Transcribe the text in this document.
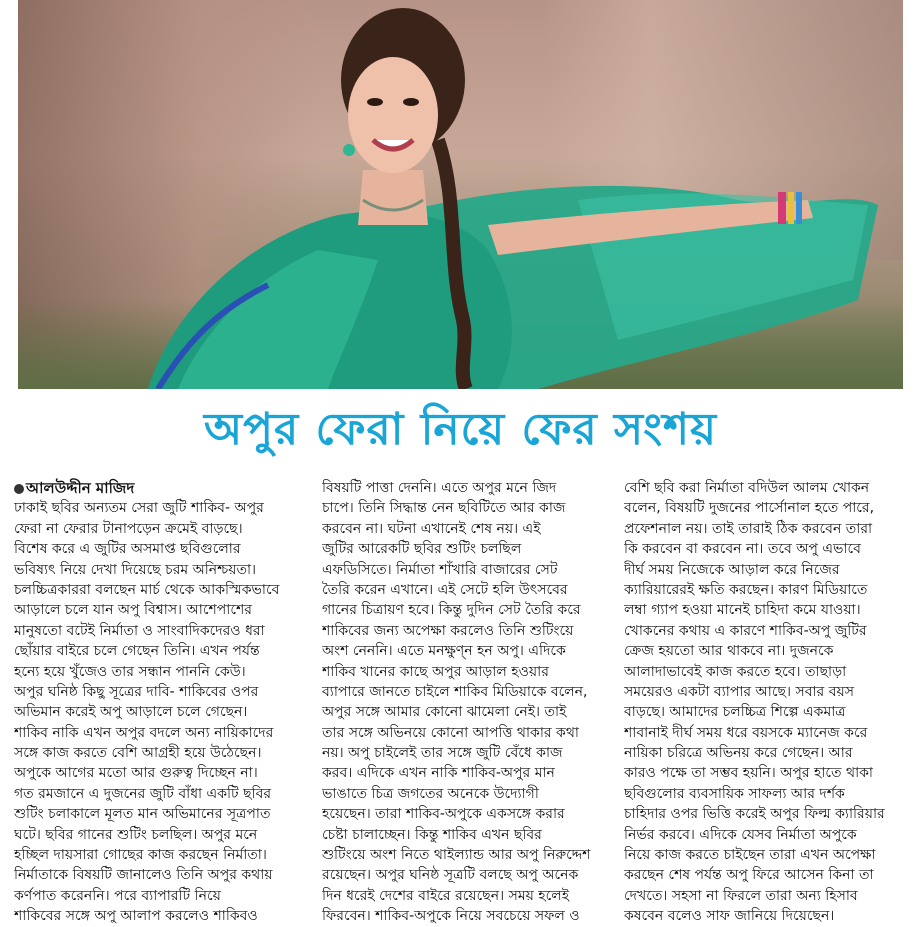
অপুর ফেরা নিয়ে ফের সংশয়
আলউদ্দীন মাজিদ
ঢাকাই ছবির অন্যতম সেরা জুটি শাকিব- অপুর
ফেরা না ফেরার টানাপড়েন ক্রমেই বাড়ছে।
বিশেষ করে এ জুটির অসমাপ্ত ছবিগুলোর
ভবিষ্যৎ নিয়ে দেখা দিয়েছে চরম অনিশ্চয়তা।
চলচ্চিত্রকাররা বলছেন মার্চ থেকে আকস্মিকভাবে
আড়ালে চলে যান অপু বিশ্বাস। আশেপাশের
মানুষতো বটেই নির্মাতা ও সাংবাদিকদেরও ধরা
ছোঁয়ার বাইরে চলে গেছেন তিনি। এখন পর্যন্ত
হন্যে হয়ে খুঁজেও তার সন্ধান পাননি কেউ।
অপুর ঘনিষ্ঠ কিছু সূত্রের দাবি- শাকিবের ওপর
অভিমান করেই অপু আড়ালে চলে গেছেন।
শাকিব নাকি এখন অপুর বদলে অন্য নায়িকাদের
সঙ্গে কাজ করতে বেশি আগ্রহী হয়ে উঠেছেন।
অপুকে আগের মতো আর গুরুত্ব দিচ্ছেন না।
গত রমজানে এ দুজনের জুটি বাঁধা একটি ছবির
শুটিং চলাকালে মূলত মান অভিমানের সূত্রপাত
ঘটে। ছবির গানের শুটিং চলছিল। অপুর মনে
হচ্ছিল দায়সারা গোছের কাজ করছেন নির্মাতা।
নির্মাতাকে বিষয়টি জানালেও তিনি অপুর কথায়
কর্ণপাত করেননি। পরে ব্যাপারটি নিয়ে
শাকিবের সঙ্গে অপু আলাপ করলেও শাকিবও
বিষয়টি পাত্তা দেননি। এতে অপুর মনে জিদ
চাপে। তিনি সিদ্ধান্ত নেন ছবিটিতে আর কাজ
করবেন না। ঘটনা এখানেই শেষ নয়। এই
জুটির আরেকটি ছবির শুটিং চলছিল
এফডিসিতে। নির্মাতা শাঁখারি বাজারের সেট
তৈরি করেন এখানে। এই সেটে হলি উৎসবের
গানের চিত্রায়ণ হবে। কিন্তু দুদিন সেট তৈরি করে
শাকিবের জন্য অপেক্ষা করলেও তিনি শুটিংয়ে
অংশ নেননি। এতে মনক্ষুণ্ন হন অপু। এদিকে
শাকিব খানের কাছে অপুর আড়াল হওয়ার
ব্যাপারে জানতে চাইলে শাকিব মিডিয়াকে বলেন,
অপুর সঙ্গে আমার কোনো ঝামেলা নেই। তাই
তার সঙ্গে অভিনয়ে কোনো আপত্তি থাকার কথা
নয়। অপু চাইলেই তার সঙ্গে জুটি বেঁধে কাজ
করব। এদিকে এখন নাকি শাকিব-অপুর মান
ভাঙাতে চিত্র জগতের অনেকে উদ্যোগী
হয়েছেন। তারা শাকিব-অপুকে একসঙ্গে করার
চেষ্টা চালাচ্ছেন। কিন্তু শাকিব এখন ছবির
শুটিংয়ে অংশ নিতে থাইল্যান্ড আর অপু নিরুদ্দেশ
রয়েছেন। অপুর ঘনিষ্ঠ সূত্রটি বলছে অপু অনেক
দিন ধরেই দেশের বাইরে রয়েছেন। সময় হলেই
ফিরবেন। শাকিব-অপুকে নিয়ে সবচেয়ে সফল ও
বেশি ছবি করা নির্মাতা বদিউল আলম খোকন
বলেন, বিষয়টি দুজনের পার্সোনাল হতে পারে,
প্রফেশনাল নয়। তাই তারাই ঠিক করবেন তারা
কি করবেন বা করবেন না। তবে অপু এভাবে
দীর্ঘ সময় নিজেকে আড়াল করে নিজের
ক্যারিয়ারেরই ক্ষতি করছেন। কারণ মিডিয়াতে
লম্বা গ্যাপ হওয়া মানেই চাহিদা কমে যাওয়া।
খোকনের কথায় এ কারণে শাকিব-অপু জুটির
ক্রেজ হয়তো আর থাকবে না। দুজনকে
আলাদাভাবেই কাজ করতে হবে। তাছাড়া
সময়েরও একটা ব্যাপার আছে। সবার বয়স
বাড়ছে। আমাদের চলচ্চিত্র শিল্পে একমাত্র
শাবানাই দীর্ঘ সময় ধরে বয়সকে ম্যানেজ করে
নায়িকা চরিত্রে অভিনয় করে গেছেন। আর
কারও পক্ষে তা সম্ভব হয়নি। অপুর হাতে থাকা
ছবিগুলোর ব্যবসায়িক সাফল্য আর দর্শক
চাহিদার ওপর ভিত্তি করেই অপুর ফিল্ম ক্যারিয়ার
নির্ভর করবে। এদিকে যেসব নির্মাতা অপুকে
নিয়ে কাজ করতে চাইছেন তারা এখন অপেক্ষা
করছেন শেষ পর্যন্ত অপু ফিরে আসেন কিনা তা
দেখতে। সহসা না ফিরলে তারা অন্য হিসাব
কষবেন বলেও সাফ জানিয়ে দিয়েছেন।
